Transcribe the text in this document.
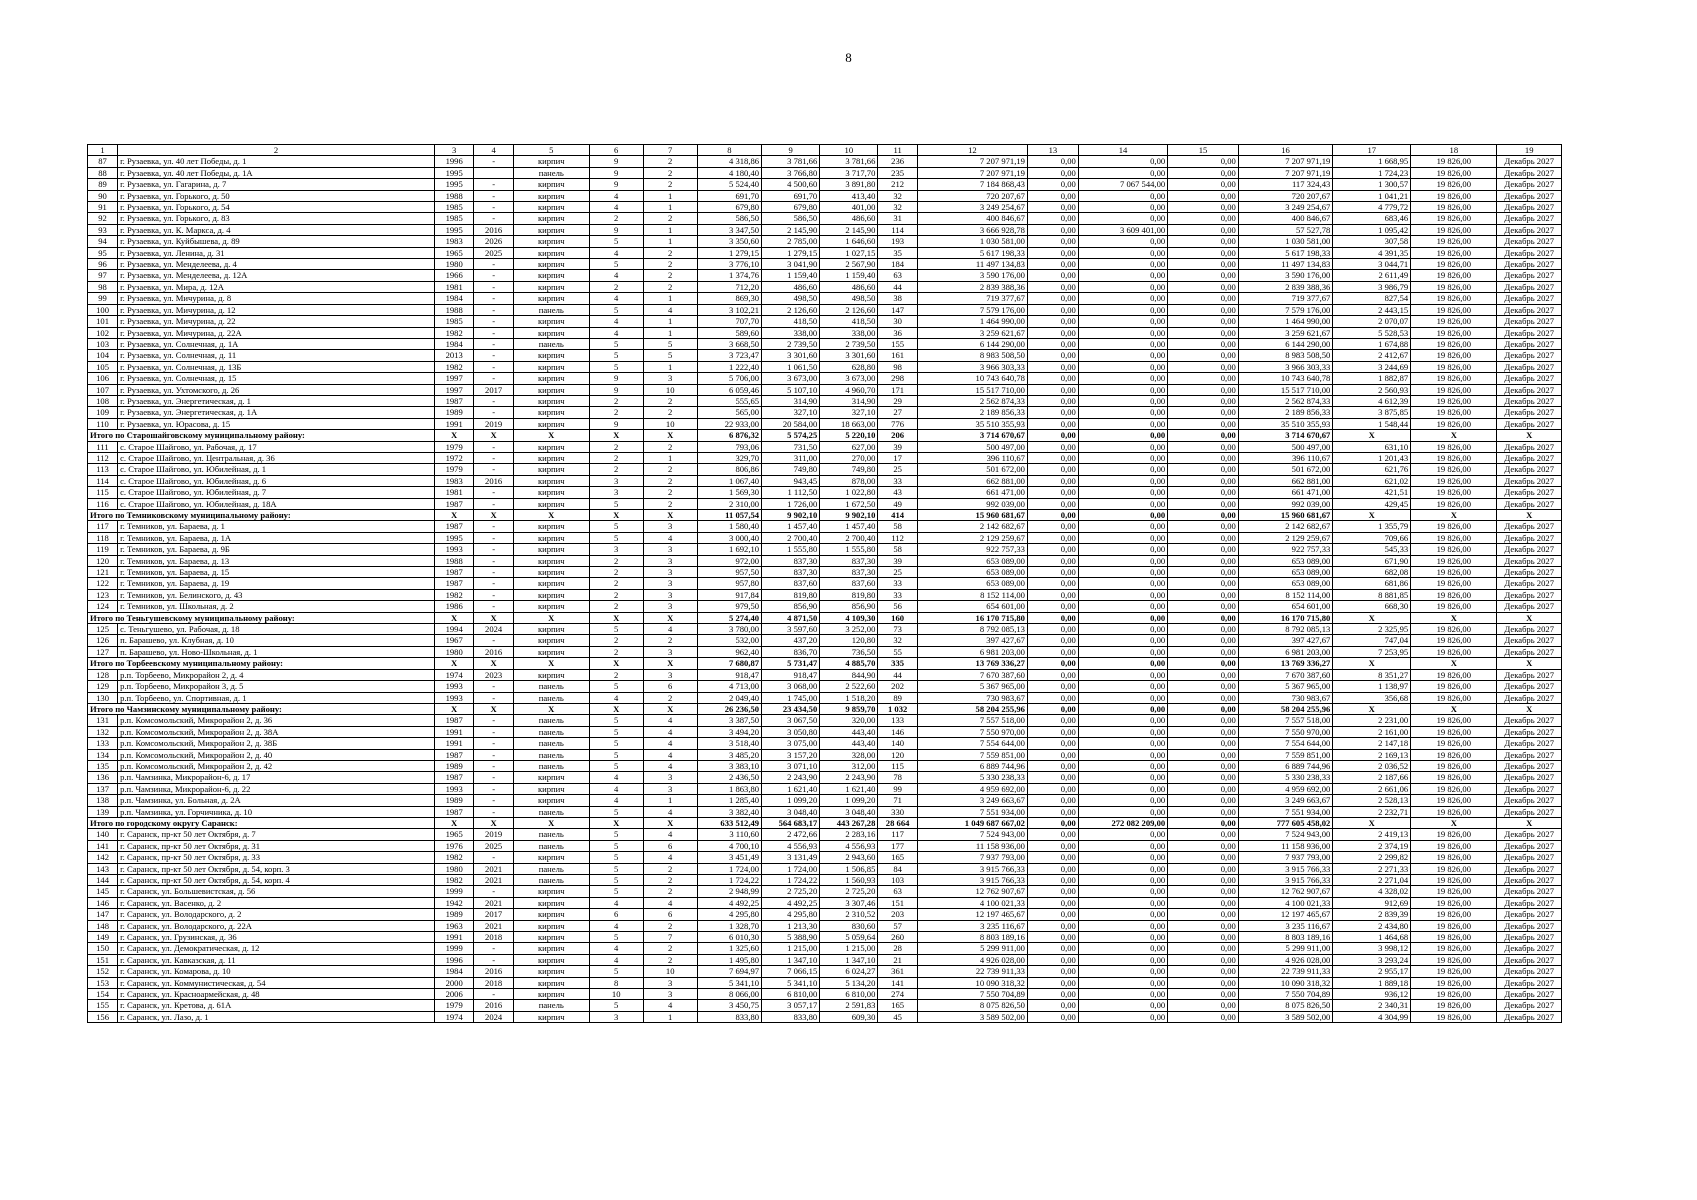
8
1	2	3	4	5	6	7	8	9	10	11	12	13	14	15	16	17	18	19
87	г. Рузаевка, ул. 40 лет Победы, д. 1	1996	-	кирпич	9	2	4 318,86	3 781,66	3 781,66	236	7 207 971,19	0,00	0,00	0,00	7 207 971,19	1 668,95	19 826,00	Декабрь 2027
88	г. Рузаевка, ул. 40 лет Победы, д. 1А	1995		панель	9	2	4 180,40	3 766,80	3 717,70	235	7 207 971,19	0,00	0,00	0,00	7 207 971,19	1 724,23	19 826,00	Декабрь 2027
89	г. Рузаевка, ул. Гагарина, д. 7	1995	-	кирпич	9	2	5 524,40	4 500,60	3 891,80	212	7 184 868,43	0,00	7 067 544,00	0,00	117 324,43	1 300,57	19 826,00	Декабрь 2027
90	г. Рузаевка, ул. Горького, д. 50	1988	-	кирпич	4	1	691,70	691,70	413,40	32	720 207,67	0,00	0,00	0,00	720 207,67	1 041,21	19 826,00	Декабрь 2027
91	г. Рузаевка, ул. Горького, д. 54	1985	-	кирпич	4	1	679,80	679,80	401,00	32	3 249 254,67	0,00	0,00	0,00	3 249 254,67	4 779,72	19 826,00	Декабрь 2027
92	г. Рузаевка, ул. Горького, д. 83	1985	-	кирпич	2	2	586,50	586,50	486,60	31	400 846,67	0,00	0,00	0,00	400 846,67	683,46	19 826,00	Декабрь 2027
93	г. Рузаевка, ул. К. Маркса, д. 4	1995	2016	кирпич	9	1	3 347,50	2 145,90	2 145,90	114	3 666 928,78	0,00	3 609 401,00	0,00	57 527,78	1 095,42	19 826,00	Декабрь 2027
94	г. Рузаевка, ул. Куйбышева, д. 89	1983	2026	кирпич	5	1	3 350,60	2 785,00	1 646,60	193	1 030 581,00	0,00	0,00	0,00	1 030 581,00	307,58	19 826,00	Декабрь 2027
95	г. Рузаевка, ул. Ленина, д. 31	1965	2025	кирпич	4	2	1 279,15	1 279,15	1 027,15	35	5 617 198,33	0,00	0,00	0,00	5 617 198,33	4 391,35	19 826,00	Декабрь 2027
96	г. Рузаевка, ул. Менделеева, д. 4	1980	-	кирпич	5	2	3 776,10	3 041,90	2 567,90	184	11 497 134,83	0,00	0,00	0,00	11 497 134,83	3 044,71	19 826,00	Декабрь 2027
97	г. Рузаевка, ул. Менделеева, д. 12А	1966	-	кирпич	4	2	1 374,76	1 159,40	1 159,40	63	3 590 176,00	0,00	0,00	0,00	3 590 176,00	2 611,49	19 826,00	Декабрь 2027
98	г. Рузаевка, ул. Мира, д. 12А	1981	-	кирпич	2	2	712,20	486,60	486,60	44	2 839 388,36	0,00	0,00	0,00	2 839 388,36	3 986,79	19 826,00	Декабрь 2027
99	г. Рузаевка, ул. Мичурина, д. 8	1984	-	кирпич	4	1	869,30	498,50	498,50	38	719 377,67	0,00	0,00	0,00	719 377,67	827,54	19 826,00	Декабрь 2027
100	г. Рузаевка, ул. Мичурина, д. 12	1988	-	панель	5	4	3 102,21	2 126,60	2 126,60	147	7 579 176,00	0,00	0,00	0,00	7 579 176,00	2 443,15	19 826,00	Декабрь 2027
101	г. Рузаевка, ул. Мичурина, д. 22	1985	-	кирпич	4	1	707,70	418,50	418,50	30	1 464 990,00	0,00	0,00	0,00	1 464 990,00	2 070,07	19 826,00	Декабрь 2027
102	г. Рузаевка, ул. Мичурина, д. 22А	1982	-	кирпич	4	1	589,60	338,00	338,00	36	3 259 621,67	0,00	0,00	0,00	3 259 621,67	5 528,53	19 826,00	Декабрь 2027
103	г. Рузаевка, ул. Солнечная, д. 1А	1984	-	панель	5	5	3 668,50	2 739,50	2 739,50	155	6 144 290,00	0,00	0,00	0,00	6 144 290,00	1 674,88	19 826,00	Декабрь 2027
104	г. Рузаевка, ул. Солнечная, д. 11	2013	-	кирпич	5	5	3 723,47	3 301,60	3 301,60	161	8 983 508,50	0,00	0,00	0,00	8 983 508,50	2 412,67	19 826,00	Декабрь 2027
105	г. Рузаевка, ул. Солнечная, д. 13Б	1982	-	кирпич	5	1	1 222,40	1 061,50	628,80	98	3 966 303,33	0,00	0,00	0,00	3 966 303,33	3 244,69	19 826,00	Декабрь 2027
106	г. Рузаевка, ул. Солнечная, д. 15	1997	-	кирпич	9	3	5 706,00	3 673,00	3 673,00	298	10 743 640,78	0,00	0,00	0,00	10 743 640,78	1 882,87	19 826,00	Декабрь 2027
107	г. Рузаевка, ул. Ухтомского, д. 26	1997	2017	кирпич	9	10	6 059,46	5 107,10	4 960,70	171	15 517 710,00	0,00	0,00	0,00	15 517 710,00	2 560,93	19 826,00	Декабрь 2027
108	г. Рузаевка, ул. Энергетическая, д. 1	1987	-	кирпич	2	2	555,65	314,90	314,90	29	2 562 874,33	0,00	0,00	0,00	2 562 874,33	4 612,39	19 826,00	Декабрь 2027
109	г. Рузаевка, ул. Энергетическая, д. 1А	1989	-	кирпич	2	2	565,00	327,10	327,10	27	2 189 856,33	0,00	0,00	0,00	2 189 856,33	3 875,85	19 826,00	Декабрь 2027
110	г. Рузаевка, ул. Юрасова, д. 15	1991	2019	кирпич	9	10	22 933,00	20 584,00	18 663,00	776	35 510 355,93	0,00	0,00	0,00	35 510 355,93	1 548,44	19 826,00	Декабрь 2027
Итого по Старошайговскому муниципальному району:		X	X	X	X	X	6 876,32	5 574,25	5 220,10	206	3 714 670,67	0,00	0,00	0,00	3 714 670,67	X	X	X
111	с. Старое Шайгово, ул. Рабочая, д. 17	1979	-	кирпич	2	2	793,06	731,50	627,00	39	500 497,00	0,00	0,00	0,00	500 497,00	631,10	19 826,00	Декабрь 2027
112	с. Старое Шайгово, ул. Центральная, д. 36	1972	-	кирпич	2	1	329,70	311,00	270,00	17	396 110,67	0,00	0,00	0,00	396 110,67	1 201,43	19 826,00	Декабрь 2027
113	с. Старое Шайгово, ул. Юбилейная, д. 1	1979	-	кирпич	2	2	806,86	749,80	749,80	25	501 672,00	0,00	0,00	0,00	501 672,00	621,76	19 826,00	Декабрь 2027
114	с. Старое Шайгово, ул. Юбилейная, д. 6	1983	2016	кирпич	3	2	1 067,40	943,45	878,00	33	662 881,00	0,00	0,00	0,00	662 881,00	621,02	19 826,00	Декабрь 2027
115	с. Старое Шайгово, ул. Юбилейная, д. 7	1981	-	кирпич	3	2	1 569,30	1 112,50	1 022,80	43	661 471,00	0,00	0,00	0,00	661 471,00	421,51	19 826,00	Декабрь 2027
116	с. Старое Шайгово, ул. Юбилейная, д. 18А	1987	-	кирпич	5	2	2 310,00	1 726,00	1 672,50	49	992 039,00	0,00	0,00	0,00	992 039,00	429,45	19 826,00	Декабрь 2027
Итого по Темниковскому муниципальному району:		X	X	X	X	X	11 057,54	9 902,10	9 902,10	414	15 960 681,67	0,00	0,00	0,00	15 960 681,67	X	X	X
117	г. Темников, ул. Бараева, д. 1	1987	-	кирпич	5	3	1 580,40	1 457,40	1 457,40	58	2 142 682,67	0,00	0,00	0,00	2 142 682,67	1 355,79	19 826,00	Декабрь 2027
118	г. Темников, ул. Бараева, д. 1А	1995	-	кирпич	5	4	3 000,40	2 700,40	2 700,40	112	2 129 259,67	0,00	0,00	0,00	2 129 259,67	709,66	19 826,00	Декабрь 2027
119	г. Темников, ул. Бараева, д. 9Б	1993	-	кирпич	3	3	1 692,10	1 555,80	1 555,80	58	922 757,33	0,00	0,00	0,00	922 757,33	545,33	19 826,00	Декабрь 2027
120	г. Темников, ул. Бараева, д. 13	1988	-	кирпич	2	3	972,00	837,30	837,30	39	653 089,00	0,00	0,00	0,00	653 089,00	671,90	19 826,00	Декабрь 2027
121	г. Темников, ул. Бараева, д. 15	1987	-	кирпич	2	3	957,50	837,30	837,30	25	653 089,00	0,00	0,00	0,00	653 089,00	682,08	19 826,00	Декабрь 2027
122	г. Темников, ул. Бараева, д. 19	1987	-	кирпич	2	3	957,80	837,60	837,60	33	653 089,00	0,00	0,00	0,00	653 089,00	681,86	19 826,00	Декабрь 2027
123	г. Темников, ул. Белинского, д. 43	1982	-	кирпич	2	3	917,84	819,80	819,80	33	8 152 114,00	0,00	0,00	0,00	8 152 114,00	8 881,85	19 826,00	Декабрь 2027
124	г. Темников, ул. Школьная, д. 2	1986	-	кирпич	2	3	979,50	856,90	856,90	56	654 601,00	0,00	0,00	0,00	654 601,00	668,30	19 826,00	Декабрь 2027
Итого по Теньгушевскому муниципальному району:		X	X	X	X	X	5 274,40	4 871,50	4 109,30	160	16 170 715,80	0,00	0,00	0,00	16 170 715,80	X	X	X
125	с. Теньгушево, ул. Рабочая, д. 18	1994	2024	кирпич	5	4	3 780,00	3 597,60	3 252,00	73	8 792 085,13	0,00	0,00	0,00	8 792 085,13	2 325,95	19 826,00	Декабрь 2027
126	п. Барашево, ул. Клубная, д. 10	1967	-	кирпич	2	2	532,00	437,20	120,80	32	397 427,67	0,00	0,00	0,00	397 427,67	747,04	19 826,00	Декабрь 2027
127	п. Барашево, ул. Ново-Школьная, д. 1	1980	2016	кирпич	2	3	962,40	836,70	736,50	55	6 981 203,00	0,00	0,00	0,00	6 981 203,00	7 253,95	19 826,00	Декабрь 2027
Итого по Торбеевскому муниципальному району:		X	X	X	X	X	7 680,87	5 731,47	4 885,70	335	13 769 336,27	0,00	0,00	0,00	13 769 336,27	X	X	X
128	р.п. Торбеево, Микрорайон 2, д. 4	1974	2023	кирпич	2	3	918,47	918,47	844,90	44	7 670 387,60	0,00	0,00	0,00	7 670 387,60	8 351,27	19 826,00	Декабрь 2027
129	р.п. Торбеево, Микрорайон 3, д. 5	1993	-	панель	5	6	4 713,00	3 068,00	2 522,60	202	5 367 965,00	0,00	0,00	0,00	5 367 965,00	1 138,97	19 826,00	Декабрь 2027
130	р.п. Торбеево, ул. Спортивная, д. 1	1993	-	панель	4	2	2 049,40	1 745,00	1 518,20	89	730 983,67	0,00	0,00	0,00	730 983,67	356,68	19 826,00	Декабрь 2027
Итого по Чамзинскому муниципальному району:		X	X	X	X	X	26 236,50	23 434,50	9 859,70	1 032	58 204 255,96	0,00	0,00	0,00	58 204 255,96	X	X	X
131	р.п. Комсомольский, Микрорайон 2, д. 36	1987	-	панель	5	4	3 387,50	3 067,50	320,00	133	7 557 518,00	0,00	0,00	0,00	7 557 518,00	2 231,00	19 826,00	Декабрь 2027
132	р.п. Комсомольский, Микрорайон 2, д. 38А	1991	-	панель	5	4	3 494,20	3 050,80	443,40	146	7 550 970,00	0,00	0,00	0,00	7 550 970,00	2 161,00	19 826,00	Декабрь 2027
133	р.п. Комсомольский, Микрорайон 2, д. 38Б	1991	-	панель	5	4	3 518,40	3 075,00	443,40	140	7 554 644,00	0,00	0,00	0,00	7 554 644,00	2 147,18	19 826,00	Декабрь 2027
134	р.п. Комсомольский, Микрорайон 2, д. 40	1987	-	панель	5	4	3 485,20	3 157,20	328,00	120	7 559 851,00	0,00	0,00	0,00	7 559 851,00	2 169,13	19 826,00	Декабрь 2027
135	р.п. Комсомольский, Микрорайон 2, д. 42	1989	-	панель	5	4	3 383,10	3 071,10	312,00	115	6 889 744,96	0,00	0,00	0,00	6 889 744,96	2 036,52	19 826,00	Декабрь 2027
136	р.п. Чамзинка, Микрорайон-6, д. 17	1987	-	кирпич	4	3	2 436,50	2 243,90	2 243,90	78	5 330 238,33	0,00	0,00	0,00	5 330 238,33	2 187,66	19 826,00	Декабрь 2027
137	р.п. Чамзинка, Микрорайон-6, д. 22	1993	-	кирпич	4	3	1 863,80	1 621,40	1 621,40	99	4 959 692,00	0,00	0,00	0,00	4 959 692,00	2 661,06	19 826,00	Декабрь 2027
138	р.п. Чамзинка, ул. Больная, д. 2А	1989	-	кирпич	4	1	1 285,40	1 099,20	1 099,20	71	3 249 663,67	0,00	0,00	0,00	3 249 663,67	2 528,13	19 826,00	Декабрь 2027
139	р.п. Чамзинка, ул. Горчичника, д. 10	1987	-	панель	5	4	3 382,40	3 048,40	3 048,40	330	7 551 934,00	0,00	0,00	0,00	7 551 934,00	2 232,71	19 826,00	Декабрь 2027
Итого по городскому округу Саранск:		X	X	X	X	X	633 512,49	564 683,17	443 267,28	28 664	1 049 687 667,02	0,00	272 082 209,00	0,00	777 605 458,02	X	X	X
140	г. Саранск, пр-кт 50 лет Октября, д. 7	1965	2019	панель	5	4	3 110,60	2 472,66	2 283,16	117	7 524 943,00	0,00	0,00	0,00	7 524 943,00	2 419,13	19 826,00	Декабрь 2027
141	г. Саранск, пр-кт 50 лет Октября, д. 31	1976	2025	панель	5	6	4 700,10	4 556,93	4 556,93	177	11 158 936,00	0,00	0,00	0,00	11 158 936,00	2 374,19	19 826,00	Декабрь 2027
142	г. Саранск, пр-кт 50 лет Октября, д. 33	1982	-	кирпич	5	4	3 451,49	3 131,49	2 943,60	165	7 937 793,00	0,00	0,00	0,00	7 937 793,00	2 299,82	19 826,00	Декабрь 2027
143	г. Саранск, пр-кт 50 лет Октября, д. 54, корп. 3	1980	2021	панель	5	2	1 724,00	1 724,00	1 506,85	84	3 915 766,33	0,00	0,00	0,00	3 915 766,33	2 271,33	19 826,00	Декабрь 2027
144	г. Саранск, пр-кт 50 лет Октября, д. 54, корп. 4	1982	2021	панель	5	2	1 724,22	1 724,22	1 560,93	103	3 915 766,33	0,00	0,00	0,00	3 915 766,33	2 271,04	19 826,00	Декабрь 2027
145	г. Саранск, ул. Большевистская, д. 56	1999	-	кирпич	5	2	2 948,99	2 725,20	2 725,20	63	12 762 907,67	0,00	0,00	0,00	12 762 907,67	4 328,02	19 826,00	Декабрь 2027
146	г. Саранск, ул. Васенко, д. 2	1942	2021	кирпич	4	4	4 492,25	4 492,25	3 307,46	151	4 100 021,33	0,00	0,00	0,00	4 100 021,33	912,69	19 826,00	Декабрь 2027
147	г. Саранск, ул. Володарского, д. 2	1989	2017	кирпич	6	6	4 295,80	4 295,80	2 310,52	203	12 197 465,67	0,00	0,00	0,00	12 197 465,67	2 839,39	19 826,00	Декабрь 2027
148	г. Саранск, ул. Володарского, д. 22А	1963	2021	кирпич	4	2	1 328,70	1 213,30	830,60	57	3 235 116,67	0,00	0,00	0,00	3 235 116,67	2 434,80	19 826,00	Декабрь 2027
149	г. Саранск, ул. Грузинская, д. 36	1991	2018	кирпич	5	7	6 010,30	5 388,90	5 059,64	260	8 803 189,16	0,00	0,00	0,00	8 803 189,16	1 464,68	19 826,00	Декабрь 2027
150	г. Саранск, ул. Демократическая, д. 12	1999	-	кирпич	4	2	1 325,60	1 215,00	1 215,00	28	5 299 911,00	0,00	0,00	0,00	5 299 911,00	3 998,12	19 826,00	Декабрь 2027
151	г. Саранск, ул. Кавказская, д. 11	1996	-	кирпич	4	2	1 495,80	1 347,10	1 347,10	21	4 926 028,00	0,00	0,00	0,00	4 926 028,00	3 293,24	19 826,00	Декабрь 2027
152	г. Саранск, ул. Комарова, д. 10	1984	2016	кирпич	5	10	7 694,97	7 066,15	6 024,27	361	22 739 911,33	0,00	0,00	0,00	22 739 911,33	2 955,17	19 826,00	Декабрь 2027
153	г. Саранск, ул. Коммунистическая, д. 54	2000	2018	кирпич	8	3	5 341,10	5 341,10	5 134,20	141	10 090 318,32	0,00	0,00	0,00	10 090 318,32	1 889,18	19 826,00	Декабрь 2027
154	г. Саранск, ул. Красноармейская, д. 48	2006	-	кирпич	10	3	8 066,00	6 810,00	6 810,00	274	7 550 704,89	0,00	0,00	0,00	7 550 704,89	936,12	19 826,00	Декабрь 2027
155	г. Саранск, ул. Кретова, д. 61А	1979	2016	панель	5	4	3 450,75	3 057,17	2 591,83	165	8 075 826,50	0,00	0,00	0,00	8 075 826,50	2 340,31	19 826,00	Декабрь 2027
156	г. Саранск, ул. Лазо, д. 1	1974	2024	кирпич	3	1	833,80	833,80	609,30	45	3 589 502,00	0,00	0,00	0,00	3 589 502,00	4 304,99	19 826,00	Декабрь 2027
